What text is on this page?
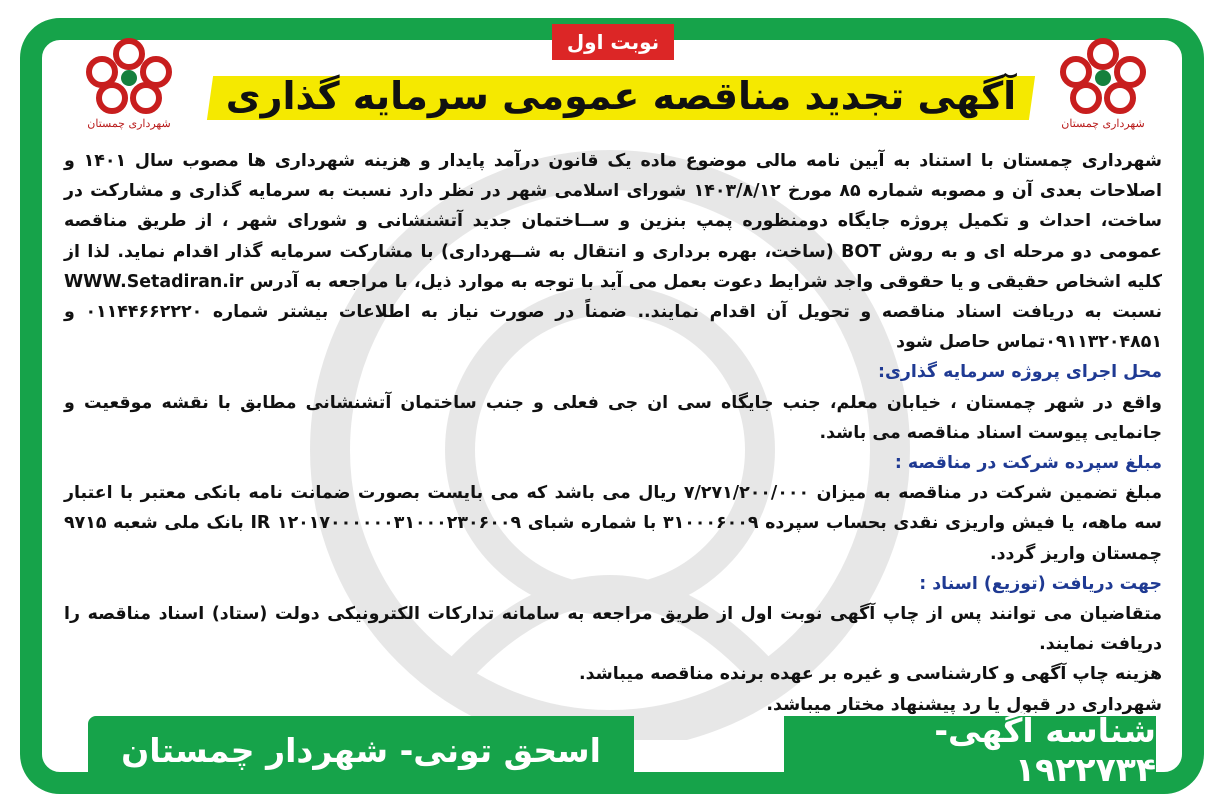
شهرداری چمستان	شهرداری چمستان
نوبت اول
آگهی تجدید مناقصه عمومی سرمایه گذاری

شهرداری چمستان با استناد به آیین نامه مالی موضوع ماده یک قانون درآمد پایدار و هزینه شهرداری ها مصوب سال ۱۴۰۱ و اصلاحات بعدی آن و مصوبه شماره ۸۵ مورخ ۱۴۰۳/۸/۱۲ شورای اسلامی شهر در نظر دارد نسبت به سرمایه گذاری و مشارکت در ساخت، احداث و تکمیل پروژه جایگاه دومنظوره پمپ بنزین و ســاختمان جدید آتشنشانی و شورای شهر ، از طریق مناقصه عمومی دو مرحله ای و به روش BOT (ساخت، بهره برداری و انتقال به شــهرداری) با مشارکت سرمایه گذار اقدام نماید. لذا از کلیه اشخاص حقیقی و یا حقوقی واجد شرایط دعوت بعمل می آید با توجه به موارد ذیل، با مراجعه به آدرس WWW.Setadiran.ir نسبت به دریافت اسناد مناقصه و تحویل آن اقدام نمایند.. ضمناً در صورت نیاز به اطلاعات بیشتر شماره ۰۱۱۴۴۶۶۲۲۲۰ و ۰۹۱۱۳۲۰۴۸۵۱تماس حاصل شود

محل اجرای پروژه سرمایه گذاری:

واقع در شهر چمستان ، خیابان معلم، جنب جایگاه سی ان جی فعلی و جنب ساختمان آتشنشانی مطابق با نقشه موقعیت و جانمایی پیوست اسناد مناقصه می باشد.

مبلغ سپرده شرکت در مناقصه :

مبلغ تضمین شرکت در مناقصه به میزان ۷/۲۷۱/۲۰۰/۰۰۰ ریال می باشد که می بایست بصورت ضمانت نامه بانکی معتبر با اعتبار سه ماهه، یا فیش واریزی نقدی بحساب سپرده ۳۱۰۰۰۶۰۰۹ با شماره شبای IR ۱۲۰۱۷۰۰۰۰۰۰۳۱۰۰۰۲۳۰۶۰۰۹ بانک ملی شعبه ۹۷۱۵ چمستان واریز گردد.

جهت دریافت (توزیع) اسناد :

متقاضیان می توانند پس از چاپ آگهی نوبت اول از طریق مراجعه به سامانه تدارکات الکترونیکی دولت (ستاد) اسناد مناقصه را دریافت نمایند.

هزینه چاپ آگهی و کارشناسی و غیره بر عهده برنده مناقصه میباشد.

شهرداری در قبول یا رد پیشنهاد مختار میباشد.

شناسه آگهی- ۱۹۲۲۷۳۴
اسحق تونی- شهردار چمستان
